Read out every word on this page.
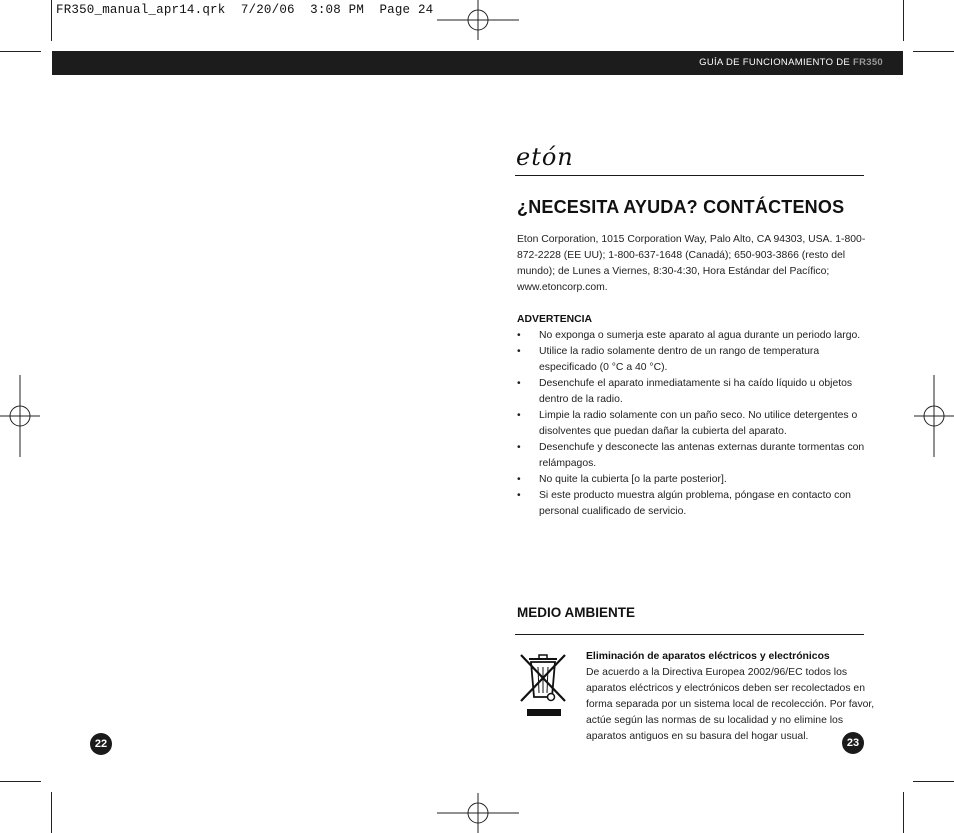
FR350_manual_apr14.qrk  7/20/06  3:08 PM  Page 24
GUÍA DE FUNCIONAMIENTO DE FR350
etón
¿NECESITA AYUDA? CONTÁCTENOS

Eton Corporation, 1015 Corporation Way, Palo Alto, CA 94303, USA. 1-800-872-2228 (EE UU); 1-800-637-1648 (Canadá); 650-903-3866 (resto del mundo); de Lunes a Viernes, 8:30-4:30, Hora Estándar del Pacífico; www.etoncorp.com.

ADVERTENCIA
• No exponga o sumerja este aparato al agua durante un periodo largo.
• Utilice la radio solamente dentro de un rango de temperatura especificado (0 °C a 40 °C).
• Desenchufe el aparato inmediatamente si ha caído líquido u objetos dentro de la radio.
• Limpie la radio solamente con un paño seco. No utilice detergentes o disolventes que puedan dañar la cubierta del aparato.
• Desenchufe y desconecte las antenas externas durante tormentas con relámpagos.
• No quite la cubierta [o la parte posterior].
• Si este producto muestra algún problema, póngase en contacto con personal cualificado de servicio.
MEDIO AMBIENTE
Eliminación de aparatos eléctricos y electrónicos

De acuerdo a la Directiva Europea 2002/96/EC todos los aparatos eléctricos y electrónicos deben ser recolectados en forma separada por un sistema local de recolección. Por favor, actúe según las normas de su localidad y no elimine los aparatos antiguos en su basura del hogar usual.

22	23
